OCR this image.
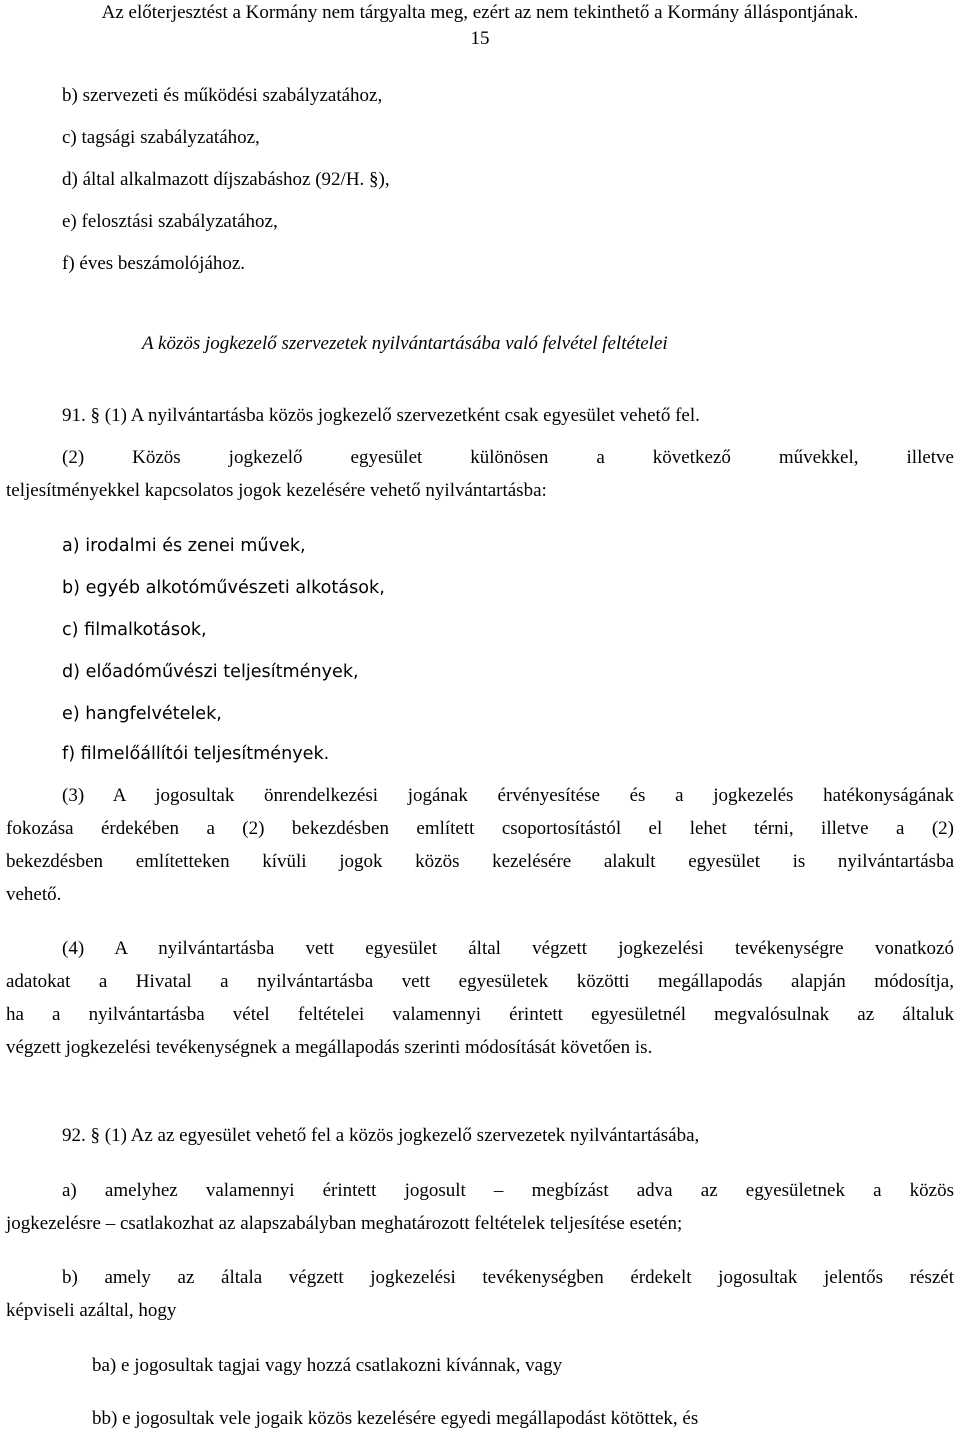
Az előterjesztést a Kormány nem tárgyalta meg, ezért az nem tekinthető a Kormány álláspontjának.
15
b) szervezeti és működési szabályzatához,
c) tagsági szabályzatához,
d) által alkalmazott díjszabáshoz (92/H. §),
e) felosztási szabályzatához,
f) éves beszámolójához.
A közös jogkezelő szervezetek nyilvántartásába való felvétel feltételei
91. § (1) A nyilvántartásba közös jogkezelő szervezetként csak egyesület vehető fel.
(2) Közös jogkezelő egyesület különösen a következő művekkel, illetve
teljesítményekkel kapcsolatos jogok kezelésére vehető nyilvántartásba:
a) irodalmi és zenei művek,
b) egyéb alkotóművészeti alkotások,
c) filmalkotások,
d) előadóművészi teljesítmények,
e) hangfelvételek,
f) filmelőállítói teljesítmények.
(3) A jogosultak önrendelkezési jogának érvényesítése és a jogkezelés hatékonyságának
fokozása érdekében a (2) bekezdésben említett csoportosítástól el lehet térni, illetve a (2)
bekezdésben említetteken kívüli jogok közös kezelésére alakult egyesület is nyilvántartásba
vehető.
(4) A nyilvántartásba vett egyesület által végzett jogkezelési tevékenységre vonatkozó
adatokat a Hivatal a nyilvántartásba vett egyesületek közötti megállapodás alapján módosítja,
ha a nyilvántartásba vétel feltételei valamennyi érintett egyesületnél megvalósulnak az általuk
végzett jogkezelési tevékenységnek a megállapodás szerinti módosítását követően is.
92. § (1) Az az egyesület vehető fel a közös jogkezelő szervezetek nyilvántartásába,
a) amelyhez valamennyi érintett jogosult – megbízást adva az egyesületnek a közös
jogkezelésre – csatlakozhat az alapszabályban meghatározott feltételek teljesítése esetén;
b) amely az általa végzett jogkezelési tevékenységben érdekelt jogosultak jelentős részét
képviseli azáltal, hogy
ba) e jogosultak tagjai vagy hozzá csatlakozni kívánnak, vagy
bb) e jogosultak vele jogaik közös kezelésére egyedi megállapodást kötöttek, és
